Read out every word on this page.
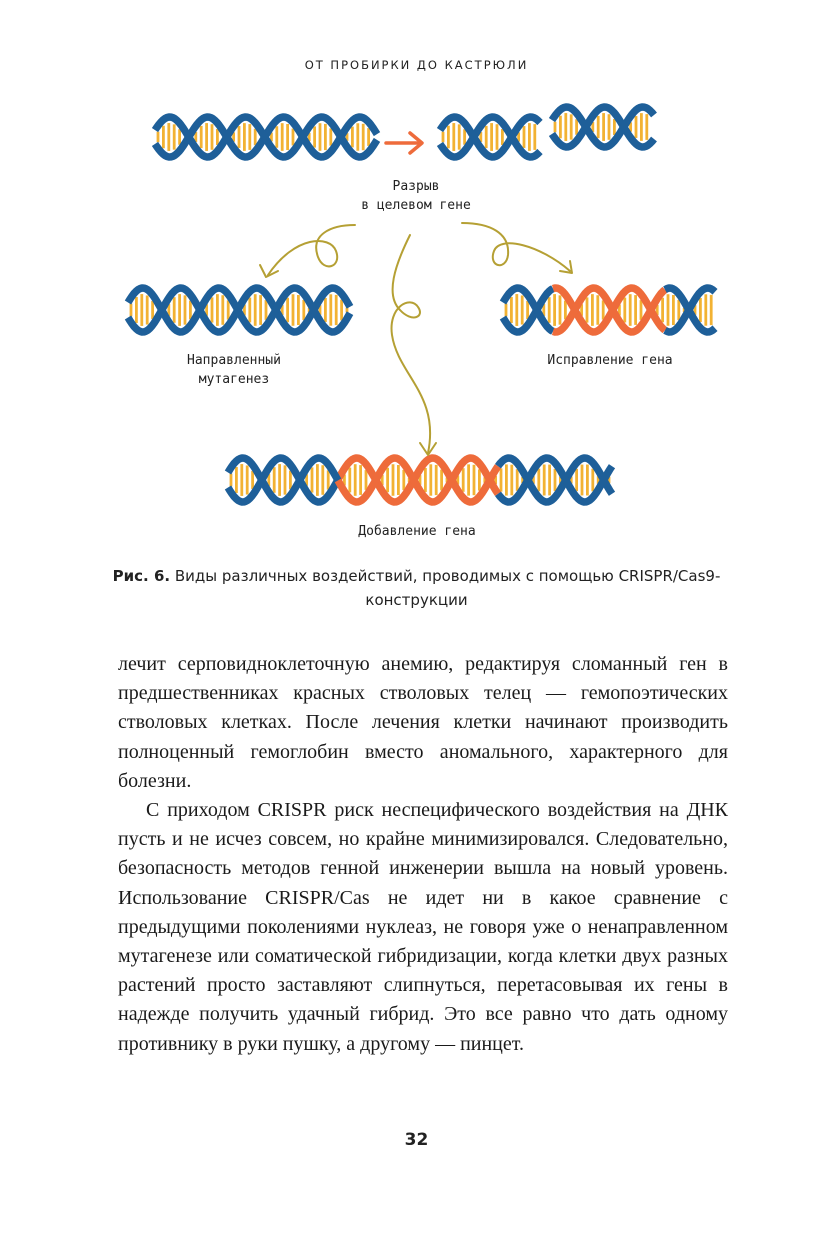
ОТ ПРОБИРКИ ДО КАСТРЮЛИ
Разрыв
в целевом гене
Направленный
мутагенез
Исправление гена
Добавление гена
Рис. 6. Виды различных воздействий, проводимых с помощью CRISPR/Cas9-конструкции

лечит серповидноклеточную анемию, редактируя сломанный ген в предшественниках красных стволовых телец — гемопоэтических стволовых клетках. После лечения клетки начинают производить полноценный гемоглобин вместо аномального, характерного для болезни.

С приходом CRISPR риск неспецифического воздействия на ДНК пусть и не исчез совсем, но крайне минимизировался. Следовательно, безопасность методов генной инженерии вышла на новый уровень. Использование CRISPR/Cas не идет ни в какое сравнение с предыдущими поколениями нуклеаз, не говоря уже о ненаправленном мутагенезе или соматической гибридизации, когда клетки двух разных растений просто заставляют слипнуться, перетасовывая их гены в надежде получить удачный гибрид. Это все равно что дать одному противнику в руки пушку, а другому — пинцет.

32
